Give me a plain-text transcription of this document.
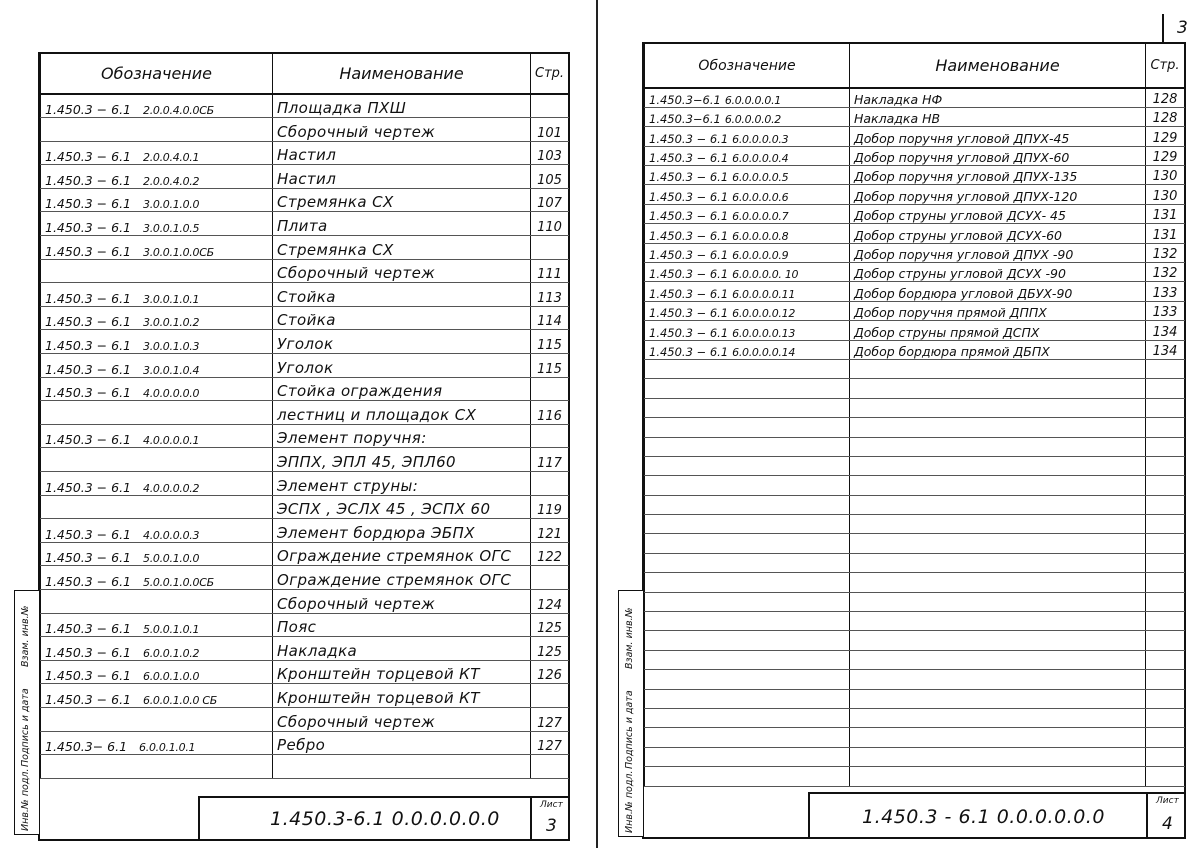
Обозначение	Наименование	Стр.
1.450.3 − 6.1 2.0.0.4.0.0СБ	Площадка ПХШ	
	Сборочный чертеж	101
1.450.3 − 6.1 2.0.0.4.0.1	Настил	103
1.450.3 − 6.1 2.0.0.4.0.2	Настил	105
1.450.3 − 6.1 3.0.0.1.0.0	Стремянка СХ	107
1.450.3 − 6.1 3.0.0.1.0.5	Плита	110
1.450.3 − 6.1 3.0.0.1.0.0СБ	Стремянка СХ	
	Сборочный чертеж	111
1.450.3 − 6.1 3.0.0.1.0.1	Стойка	113
1.450.3 − 6.1 3.0.0.1.0.2	Стойка	114
1.450.3 − 6.1 3.0.0.1.0.3	Уголок	115
1.450.3 − 6.1 3.0.0.1.0.4	Уголок	115
1.450.3 − 6.1 4.0.0.0.0.0	Стойка ограждения	
	лестниц и площадок СХ	116
1.450.3 − 6.1 4.0.0.0.0.1	Элемент поручня:	
	ЭППХ, ЭПЛ 45, ЭПЛ60	117
1.450.3 − 6.1 4.0.0.0.0.2	Элемент струны:	
	ЭСПХ , ЭСЛХ 45 , ЭСПХ 60	119
1.450.3 − 6.1 4.0.0.0.0.3	Элемент бордюра ЭБПХ	121
1.450.3 − 6.1 5.0.0.1.0.0	Ограждение стремянок ОГС	122
1.450.3 − 6.1 5.0.0.1.0.0СБ	Ограждение стремянок ОГС	
	Сборочный чертеж	124
1.450.3 − 6.1 5.0.0.1.0.1	Пояс	125
1.450.3 − 6.1 6.0.0.1.0.2	Накладка	125
1.450.3 − 6.1 6.0.0.1.0.0	Кронштейн торцевой КТ	126
1.450.3 − 6.1 6.0.0.1.0.0 СБ	Кронштейн торцевой КТ	
	Сборочный чертеж	127
1.450.3− 6.1 6.0.0.1.0.1	Ребро	127

1.450.3-6.1 0.0.0.0.0.0
Лист
3
Инв.№ подл.
Подпись и дата
Взам. инв.№
3
Обозначение	Наименование	Стр.
1.450.3−6.1 6.0.0.0.0.1	Накладка НФ	128
1.450.3−6.1 6.0.0.0.0.2	Накладка НВ	128
1.450.3 − 6.1 6.0.0.0.0.3	Добор поручня угловой ДПУХ-45	129
1.450.3 − 6.1 6.0.0.0.0.4	Добор поручня угловой ДПУХ-60	129
1.450.3 − 6.1 6.0.0.0.0.5	Добор поручня угловой ДПУХ-135	130
1.450.3 − 6.1 6.0.0.0.0.6	Добор поручня угловой ДПУХ-120	130
1.450.3 − 6.1 6.0.0.0.0.7	Добор струны угловой ДСУХ- 45	131
1.450.3 − 6.1 6.0.0.0.0.8	Добор струны угловой ДСУХ-60	131
1.450.3 − 6.1 6.0.0.0.0.9	Добор поручня угловой ДПУХ -90	132
1.450.3 − 6.1 6.0.0.0.0. 10	Добор струны угловой ДСУХ -90	132
1.450.3 − 6.1 6.0.0.0.0.11	Добор бордюра угловой ДБУХ-90	133
1.450.3 − 6.1 6.0.0.0.0.12	Добор поручня прямой ДППХ	133
1.450.3 − 6.1 6.0.0.0.0.13	Добор струны прямой ДСПХ	134
1.450.3 − 6.1 6.0.0.0.0.14	Добор бордюра прямой ДБПХ	134

1.450.3 - 6.1 0.0.0.0.0.0
Лист
4
Инв.№ подл.
Подпись и дата
Взам. инв.№
